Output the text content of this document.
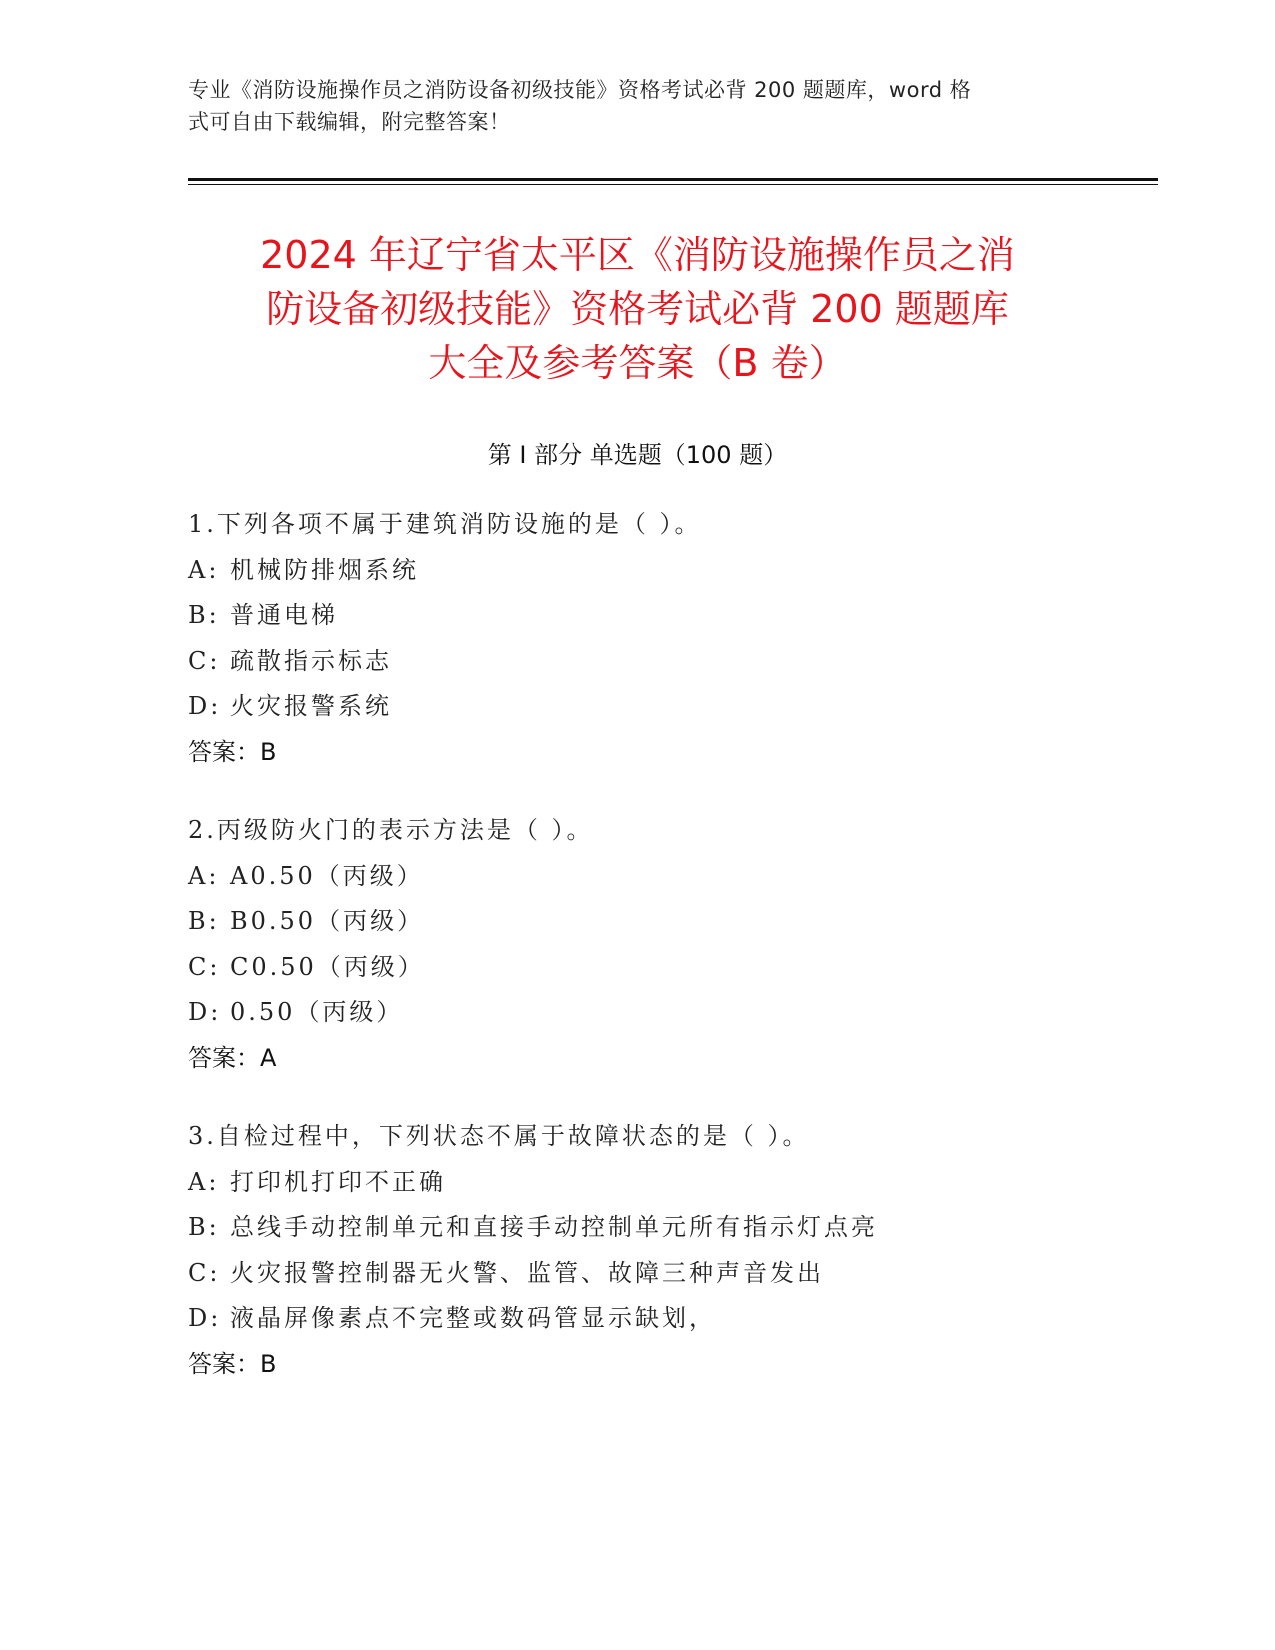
专业《消防设施操作员之消防设备初级技能》资格考试必背 200 题题库，word 格
式可自由下载编辑，附完整答案！
2024 年辽宁省太平区《消防设施操作员之消
防设备初级技能》资格考试必背 200 题题库
大全及参考答案（B 卷）
第 I 部分 单选题（100 题）
1.下列各项不属于建筑消防设施的是（ ）。
A: 机械防排烟系统
B: 普通电梯
C: 疏散指示标志
D: 火灾报警系统
答案：B
2.丙级防火门的表示方法是（ ）。
A: A0.50（丙级）
B: B0.50（丙级）
C: C0.50（丙级）
D: 0.50（丙级）
答案：A
3.自检过程中，下列状态不属于故障状态的是（ ）。
A: 打印机打印不正确
B: 总线手动控制单元和直接手动控制单元所有指示灯点亮
C: 火灾报警控制器无火警、监管、故障三种声音发出
D: 液晶屏像素点不完整或数码管显示缺划，
答案：B
